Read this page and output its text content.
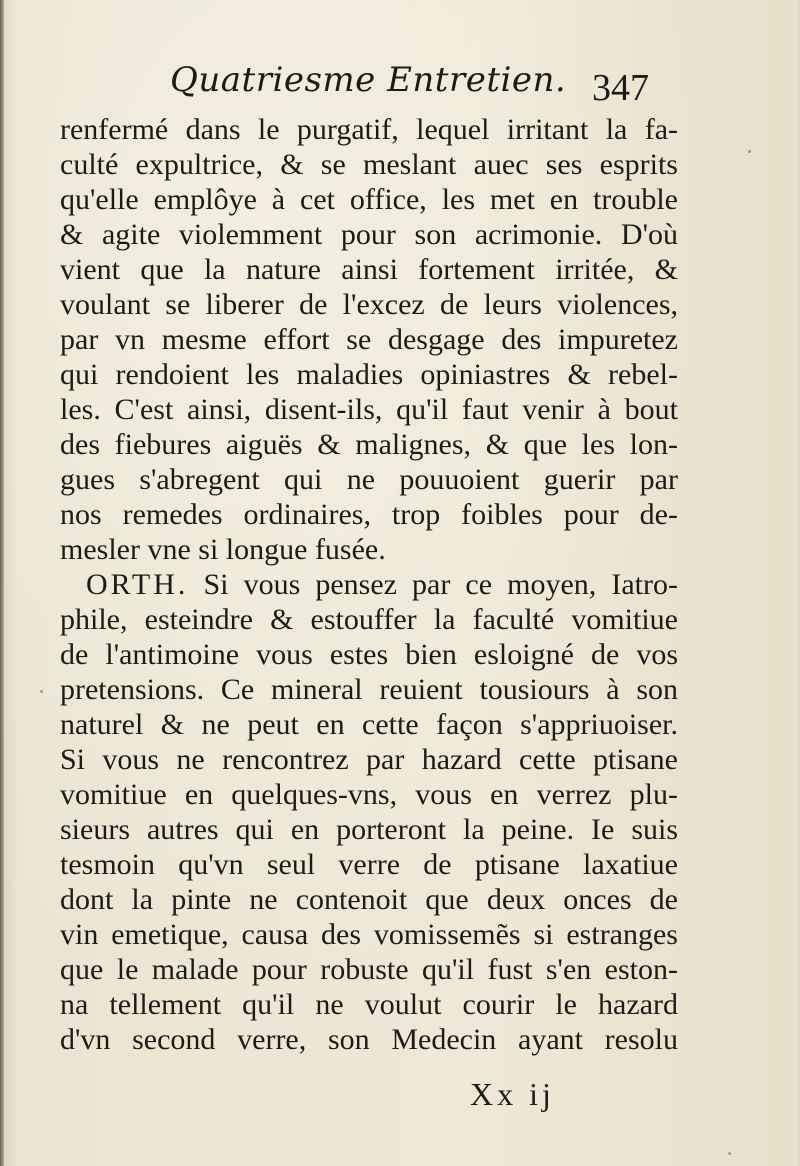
Quatriesme Entretien. 347
renfermé dans le purgatif, lequel irritant la fa-
culté expultrice, & se meslant auec ses esprits
qu'elle emplôye à cet office, les met en trouble
& agite violemment pour son acrimonie. D'où
vient que la nature ainsi fortement irritée, &
voulant se liberer de l'excez de leurs violences,
par vn mesme effort se desgage des impuretez
qui rendoient les maladies opiniastres & rebel-
les. C'est ainsi, disent-ils, qu'il faut venir à bout
des fiebures aiguës & malignes, & que les lon-
gues s'abregent qui ne pouuoient guerir par
nos remedes ordinaires, trop foibles pour de-
mesler vne si longue fusée.
ORTH. Si vous pensez par ce moyen, Iatro-
phile, esteindre & estouffer la faculté vomitiue
de l'antimoine vous estes bien esloigné de vos
pretensions. Ce mineral reuient tousiours à son
naturel & ne peut en cette façon s'appriuoiser.
Si vous ne rencontrez par hazard cette ptisane
vomitiue en quelques-vns, vous en verrez plu-
sieurs autres qui en porteront la peine. Ie suis
tesmoin qu'vn seul verre de ptisane laxatiue
dont la pinte ne contenoit que deux onces de
vin emetique, causa des vomissemẽs si estranges
que le malade pour robuste qu'il fust s'en eston-
na tellement qu'il ne voulut courir le hazard
d'vn second verre, son Medecin ayant resolu
Xx ij
